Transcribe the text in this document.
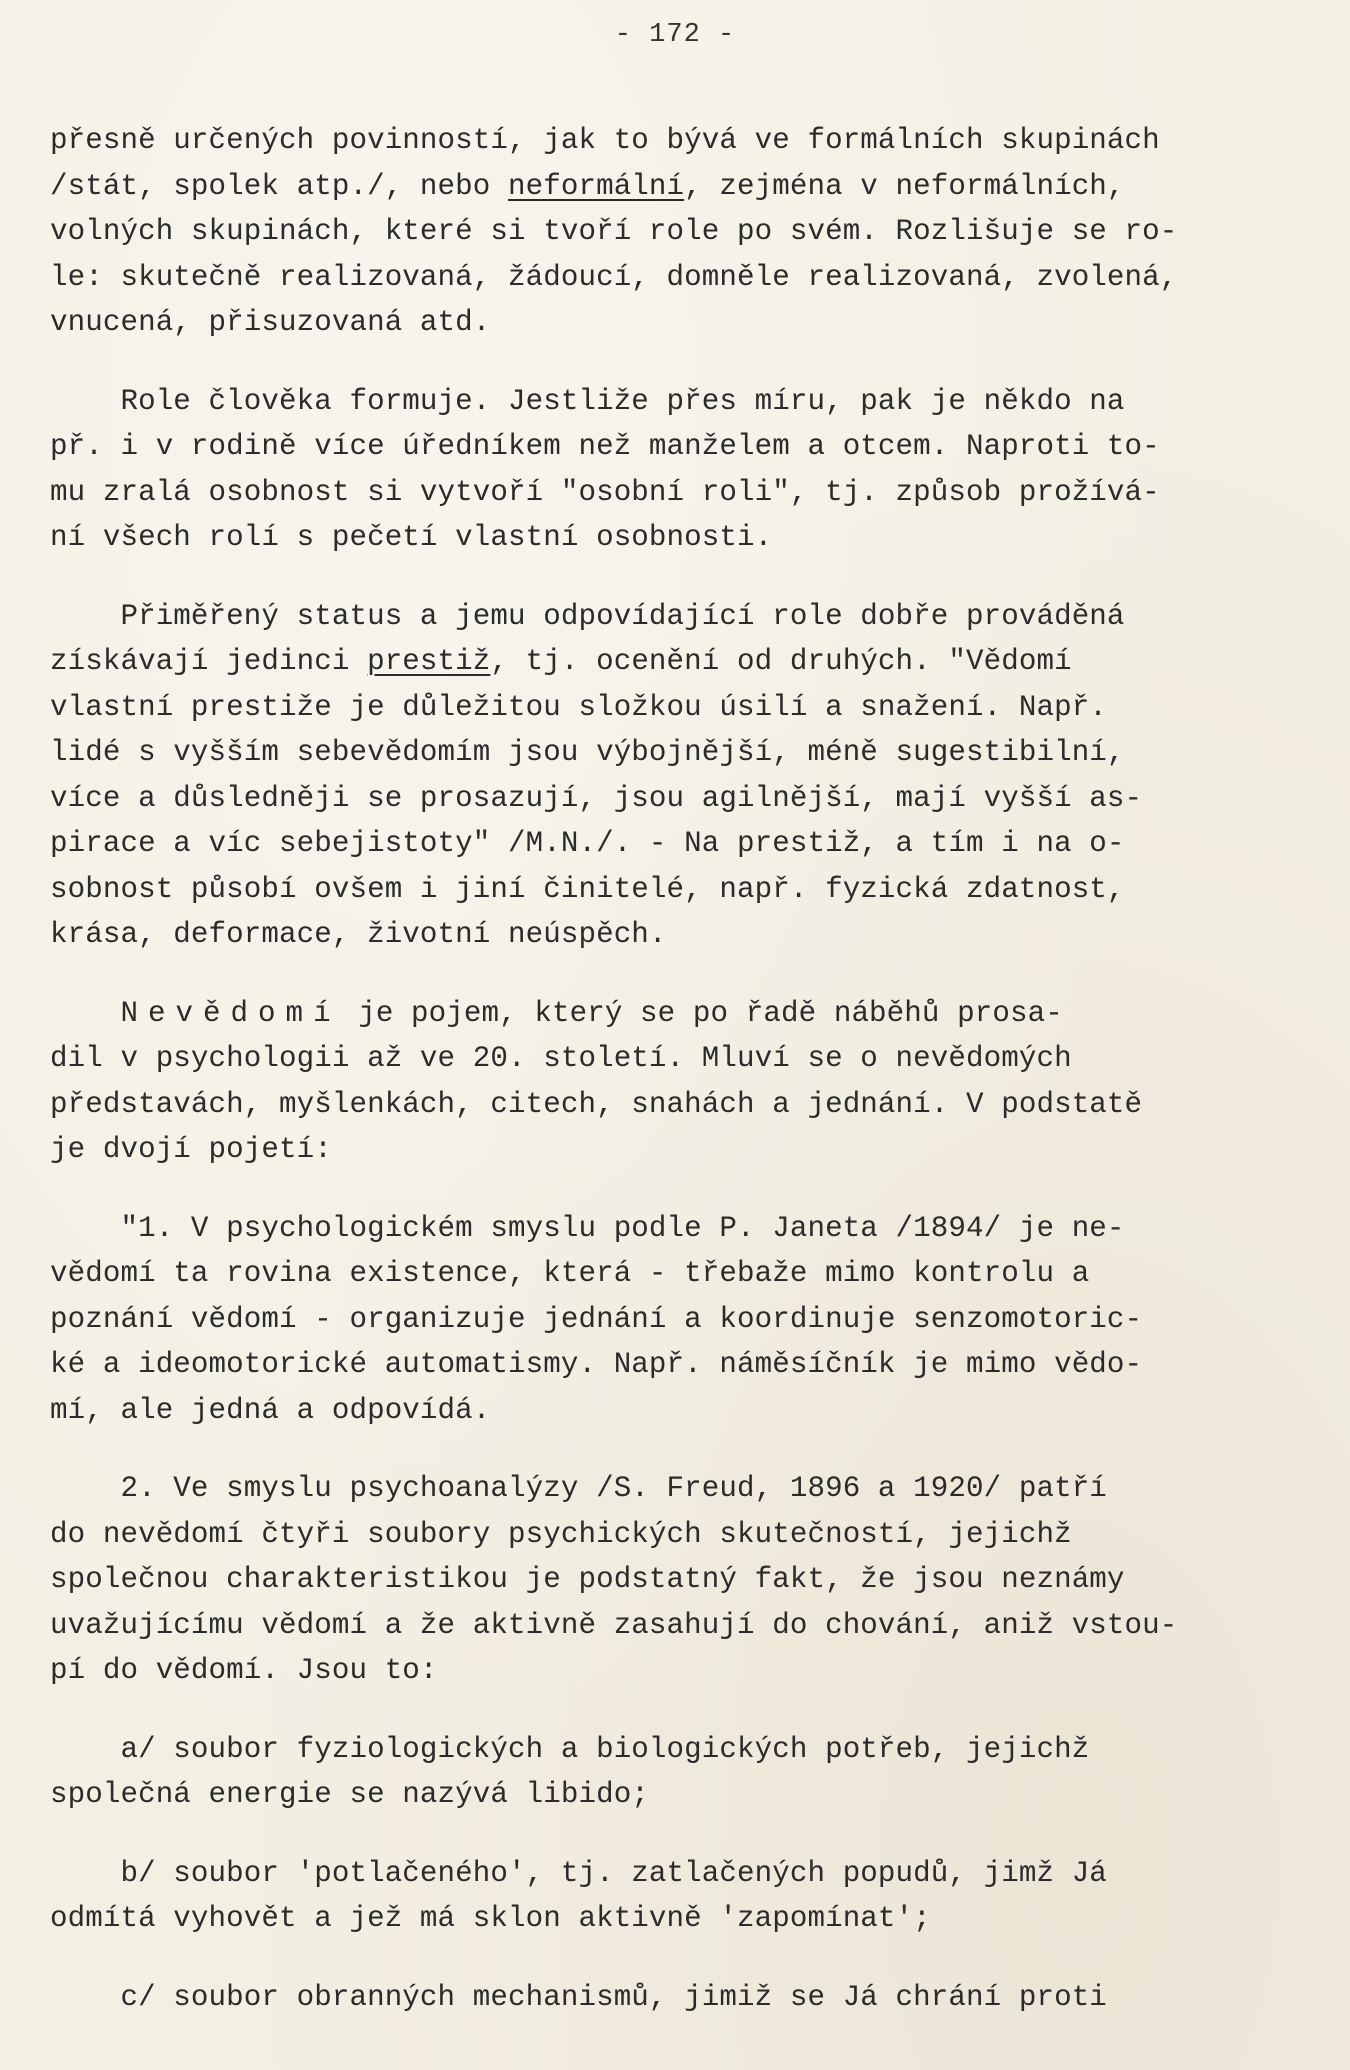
- 172 -
přesně určených povinností, jak to bývá ve formálních skupinách
/stát, spolek atp./, nebo neformální, zejména v neformálních,
volných skupinách, které si tvoří role po svém. Rozlišuje se ro-
le: skutečně realizovaná, žádoucí, domněle realizovaná, zvolená,
vnucená, přisuzovaná atd.
Role člověka formuje. Jestliže přes míru, pak je někdo na
př. i v rodině více úředníkem než manželem a otcem. Naproti to-
mu zralá osobnost si vytvoří "osobní roli", tj. způsob prožívá-
ní všech rolí s pečetí vlastní osobnosti.
Přiměřený status a jemu odpovídající role dobře prováděná
získávají jedinci prestiž, tj. ocenění od druhých. "Vědomí
vlastní prestiže je důležitou složkou úsilí a snažení. Např.
lidé s vyšším sebevědomím jsou výbojnější, méně sugestibilní,
více a důsledněji se prosazují, jsou agilnější, mají vyšší as-
pirace a víc sebejistoty" /M.N./. - Na prestiž, a tím i na o-
sobnost působí ovšem i jiní činitelé, např. fyzická zdatnost,
krása, deformace, životní neúspěch.
Nevědomí je pojem, který se po řadě náběhů prosa-
dil v psychologii až ve 20. století. Mluví se o nevědomých
představách, myšlenkách, citech, snahách a jednání. V podstatě
je dvojí pojetí:
"1. V psychologickém smyslu podle P. Janeta /1894/ je ne-
vědomí ta rovina existence, která - třebaže mimo kontrolu a
poznání vědomí - organizuje jednání a koordinuje senzomotoric-
ké a ideomotorické automatismy. Např. náměsíčník je mimo vědo-
mí, ale jedná a odpovídá.
2. Ve smyslu psychoanalýzy /S. Freud, 1896 a 1920/ patří
do nevědomí čtyři soubory psychických skutečností, jejichž
společnou charakteristikou je podstatný fakt, že jsou neznámy
uvažujícímu vědomí a že aktivně zasahují do chování, aniž vstou-
pí do vědomí. Jsou to:
a/ soubor fyziologických a biologických potřeb, jejichž
společná energie se nazývá libido;
b/ soubor 'potlačeného', tj. zatlačených popudů, jimž Já
odmítá vyhovět a jež má sklon aktivně 'zapomínat';
c/ soubor obranných mechanismů, jimiž se Já chrání proti
